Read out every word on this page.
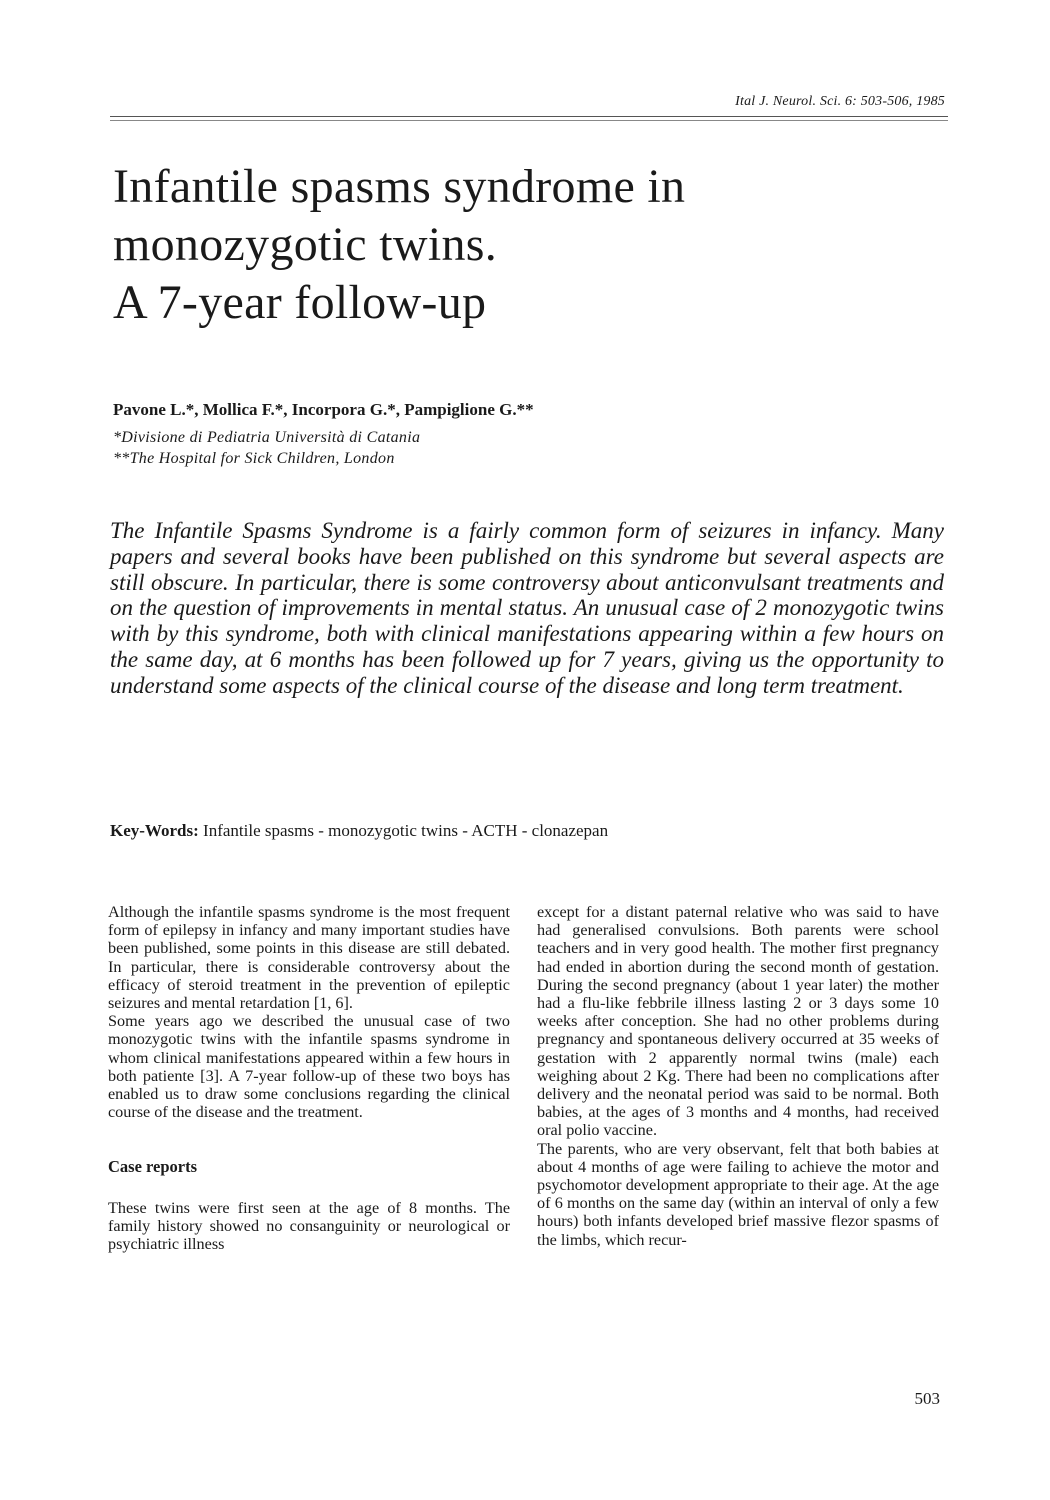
Ital J. Neurol. Sci. 6: 503-506, 1985
Infantile spasms syndrome in
monozygotic twins.
A 7-year follow-up
Pavone L.*, Mollica F.*, Incorpora G.*, Pampiglione G.**
*Divisione di Pediatria Università di Catania
**The Hospital for Sick Children, London

The Infantile Spasms Syndrome is a fairly common form of seizures in infancy. Many papers and several books have been published on this syndrome but several aspects are still obscure. In particular, there is some controversy about anticonvulsant treatments and on the question of improvements in mental status. An unusual case of 2 monozygotic twins with by this syndrome, both with clinical manifestations appearing within a few hours on the same day, at 6 months has been followed up for 7 years, giving us the opportunity to understand some aspects of the clinical course of the disease and long term treatment.

Key-Words: Infantile spasms - monozygotic twins - ACTH - clonazepan

Although the infantile spasms syndrome is the most frequent form of epilepsy in infancy and many important studies have been published, some points in this disease are still debated. In particular, there is considerable controversy about the efficacy of steroid treatment in the prevention of epileptic seizures and mental retardation [1, 6].

Some years ago we described the unusual case of two monozygotic twins with the infantile spasms syndrome in whom clinical manifestations appeared within a few hours in both patiente [3]. A 7-year follow-up of these two boys has enabled us to draw some conclusions regarding the clinical course of the disease and the treatment.

Case reports

These twins were first seen at the age of 8 months. The family history showed no consanguinity or neurological or psychiatric illness

except for a distant paternal relative who was said to have had generalised convulsions. Both parents were school teachers and in very good health. The mother first pregnancy had ended in abortion during the second month of gestation. During the second pregnancy (about 1 year later) the mother had a flu-like febbrile illness lasting 2 or 3 days some 10 weeks after conception. She had no other problems during pregnancy and spontaneous delivery occurred at 35 weeks of gestation with 2 apparently normal twins (male) each weighing about 2 Kg. There had been no complications after delivery and the neonatal period was said to be normal. Both babies, at the ages of 3 months and 4 months, had received oral polio vaccine.

The parents, who are very observant, felt that both babies at about 4 months of age were failing to achieve the motor and psychomotor development appropriate to their age. At the age of 6 months on the same day (within an interval of only a few hours) both infants developed brief massive flezor spasms of the limbs, which recur-

503
